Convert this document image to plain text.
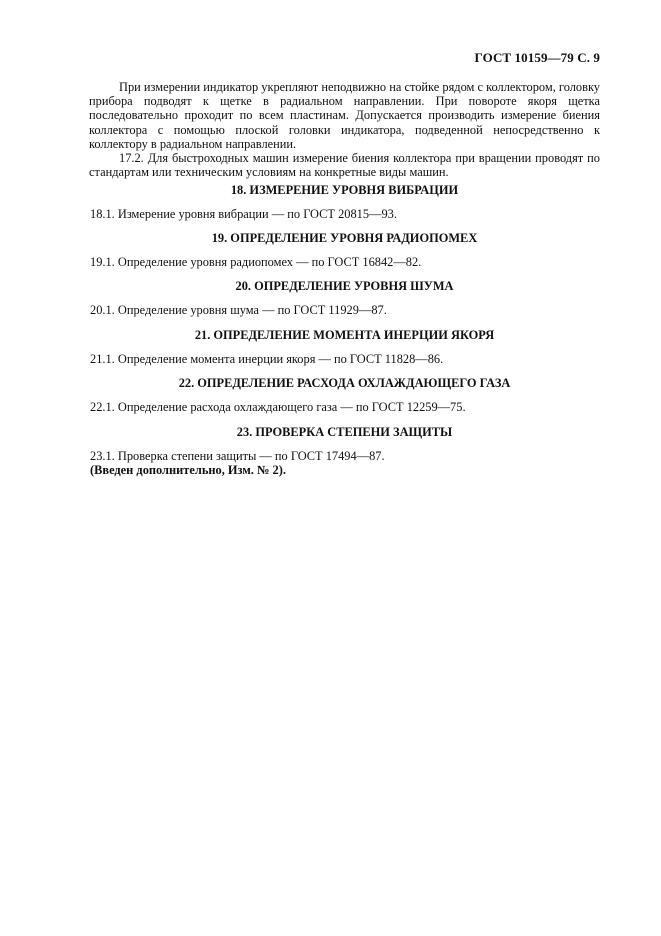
ГОСТ 10159—79 С. 9

При измерении индикатор укрепляют неподвижно на стойке рядом с коллектором, головку прибора подводят к щетке в радиальном направлении. При повороте якоря щетка последовательно проходит по всем пластинам. Допускается производить измерение биения коллектора с помощью плоской головки индикатора, подведенной непосредственно к коллектору в радиальном направлении.

17.2. Для быстроходных машин измерение биения коллектора при вращении проводят по стандартам или техническим условиям на конкретные виды машин.

18. ИЗМЕРЕНИЕ УРОВНЯ ВИБРАЦИИ

18.1. Измерение уровня вибрации — по ГОСТ 20815—93.

19. ОПРЕДЕЛЕНИЕ УРОВНЯ РАДИОПОМЕХ

19.1. Определение уровня радиопомех — по ГОСТ 16842—82.

20. ОПРЕДЕЛЕНИЕ УРОВНЯ ШУМА

20.1. Определение уровня шума — по ГОСТ 11929—87.

21. ОПРЕДЕЛЕНИЕ МОМЕНТА ИНЕРЦИИ ЯКОРЯ

21.1. Определение момента инерции якоря — по ГОСТ 11828—86.

22. ОПРЕДЕЛЕНИЕ РАСХОДА ОХЛАЖДАЮЩЕГО ГАЗА

22.1. Определение расхода охлаждающего газа — по ГОСТ 12259—75.

23. ПРОВЕРКА СТЕПЕНИ ЗАЩИТЫ

23.1. Проверка степени защиты — по ГОСТ 17494—87.

(Введен дополнительно, Изм. № 2).
